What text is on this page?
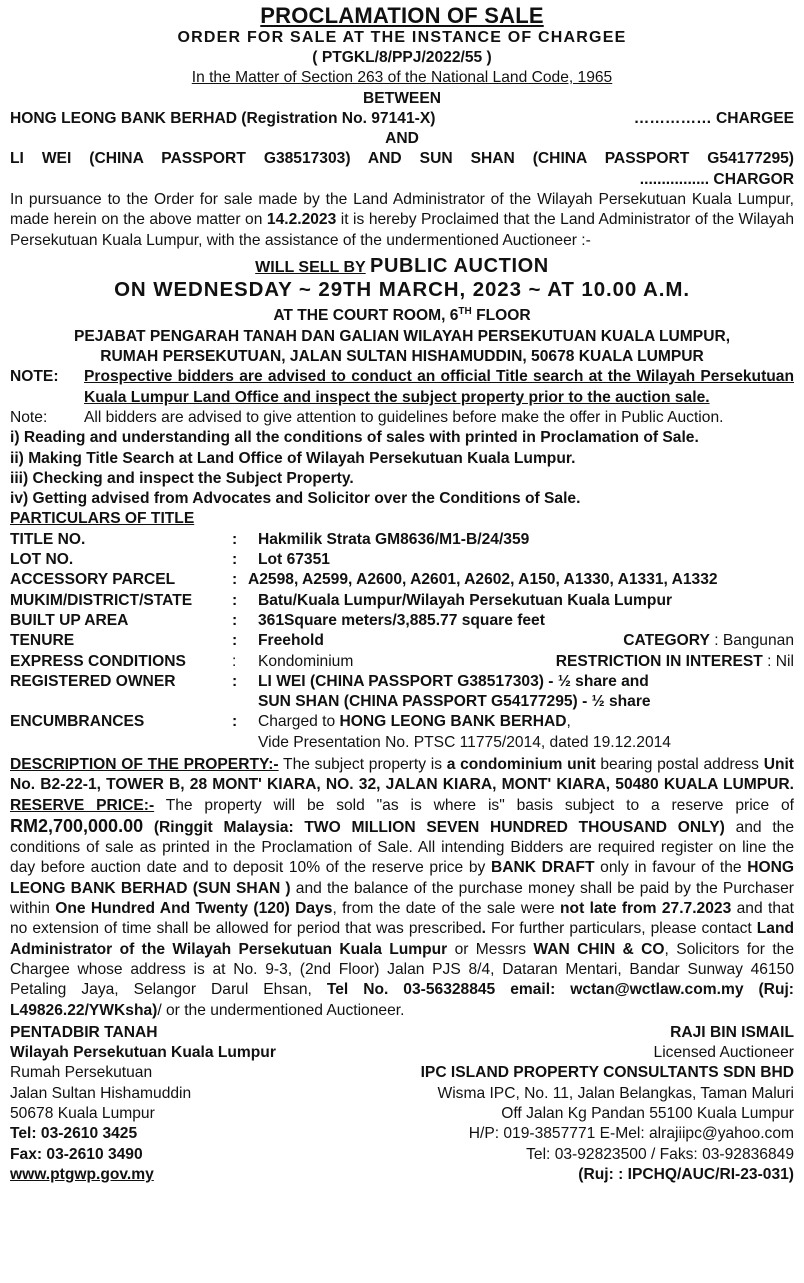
PROCLAMATION OF SALE
ORDER FOR SALE AT THE INSTANCE OF CHARGEE
( PTGKL/8/PPJ/2022/55 )
In the Matter of Section 263 of the National Land Code, 1965
BETWEEN
HONG LEONG BANK BERHAD (Registration No. 97141-X)	…………… CHARGEE
AND
LI WEI (CHINA PASSPORT G38517303) AND SUN SHAN (CHINA PASSPORT G54177295)
................ CHARGOR
In pursuance to the Order for sale made by the Land Administrator of the Wilayah Persekutuan Kuala Lumpur, made herein on the above matter on 14.2.2023 it is hereby Proclaimed that the Land Administrator of the Wilayah Persekutuan Kuala Lumpur, with the assistance of the undermentioned Auctioneer :-
WILL SELL BY PUBLIC AUCTION
ON WEDNESDAY ~ 29TH MARCH, 2023 ~ AT 10.00 A.M.
AT THE COURT ROOM, 6TH FLOOR
PEJABAT PENGARAH TANAH DAN GALIAN WILAYAH PERSEKUTUAN KUALA LUMPUR,
RUMAH PERSEKUTUAN, JALAN SULTAN HISHAMUDDIN, 50678 KUALA LUMPUR
NOTE:	Prospective bidders are advised to conduct an official Title search at the Wilayah Persekutuan Kuala Lumpur Land Office and inspect the subject property prior to the auction sale.
Note:	All bidders are advised to give attention to guidelines before make the offer in Public Auction.
i) Reading and understanding all the conditions of sales with printed in Proclamation of Sale.
ii) Making Title Search at Land Office of Wilayah Persekutuan Kuala Lumpur.
iii) Checking and inspect the Subject Property.
iv) Getting advised from Advocates and Solicitor over the Conditions of Sale.
PARTICULARS OF TITLE
TITLE NO.	:	Hakmilik Strata GM8636/M1-B/24/359
LOT NO.	:	Lot 67351
ACCESSORY PARCEL	: A2598, A2599, A2600, A2601, A2602, A150, A1330, A1331, A1332
MUKIM/DISTRICT/STATE	:	Batu/Kuala Lumpur/Wilayah Persekutuan Kuala Lumpur
BUILT UP AREA	:	361Square meters/3,885.77 square feet
TENURE	:	Freehold	CATEGORY : Bangunan
EXPRESS CONDITIONS	:	Kondominium	RESTRICTION IN INTEREST : Nil
REGISTERED OWNER	:	LI WEI (CHINA PASSPORT G38517303) - ½ share and
SUN SHAN (CHINA PASSPORT G54177295) - ½ share
ENCUMBRANCES	:	Charged to HONG LEONG BANK BERHAD,
Vide Presentation No. PTSC 11775/2014, dated 19.12.2014
DESCRIPTION OF THE PROPERTY:- The subject property is a condominium unit bearing postal address Unit No. B2-22-1, TOWER B, 28 MONT' KIARA, NO. 32, JALAN KIARA, MONT' KIARA, 50480 KUALA LUMPUR. RESERVE PRICE:- The property will be sold "as is where is" basis subject to a reserve price of RM2,700,000.00 (Ringgit Malaysia: TWO MILLION SEVEN HUNDRED THOUSAND ONLY) and the conditions of sale as printed in the Proclamation of Sale. All intending Bidders are required register on line the day before auction date and to deposit 10% of the reserve price by BANK DRAFT only in favour of the HONG LEONG BANK BERHAD (SUN SHAN ) and the balance of the purchase money shall be paid by the Purchaser within One Hundred And Twenty (120) Days, from the date of the sale were not late from 27.7.2023 and that no extension of time shall be allowed for period that was prescribed. For further particulars, please contact Land Administrator of the Wilayah Persekutuan Kuala Lumpur or Messrs WAN CHIN & CO, Solicitors for the Chargee whose address is at No. 9-3, (2nd Floor) Jalan PJS 8/4, Dataran Mentari, Bandar Sunway 46150 Petaling Jaya, Selangor Darul Ehsan, Tel No. 03-56328845 email: wctan@wctlaw.com.my (Ruj: L49826.22/YWKsha)/ or the undermentioned Auctioneer.
PENTADBIR TANAH
Wilayah Persekutuan Kuala Lumpur
Rumah Persekutuan
Jalan Sultan Hishamuddin
50678 Kuala Lumpur
Tel: 03-2610 3425
Fax: 03-2610 3490
www.ptgwp.gov.my
RAJI BIN ISMAIL
Licensed Auctioneer
IPC ISLAND PROPERTY CONSULTANTS SDN BHD
Wisma IPC, No. 11, Jalan Belangkas, Taman Maluri
Off Jalan Kg Pandan 55100 Kuala Lumpur
H/P: 019-3857771 E-Mel: alrajiipc@yahoo.com
Tel: 03-92823500 / Faks: 03-92836849
(Ruj: : IPCHQ/AUC/RI-23-031)
